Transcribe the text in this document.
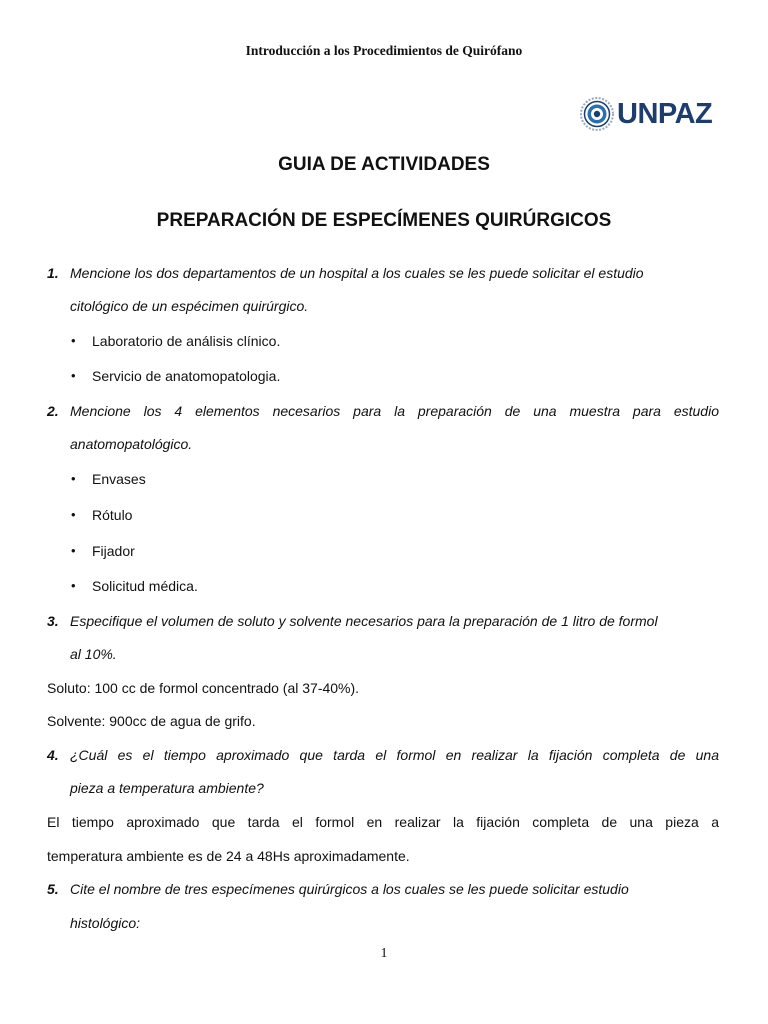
Introducción a los Procedimientos de Quirófano
UNPAZ
GUIA DE ACTIVIDADES
PREPARACIÓN DE ESPECÍMENES QUIRÚRGICOS
1. Mencione los dos departamentos de un hospital a los cuales se les puede solicitar el estudio
citológico de un espécimen quirúrgico.
• Laboratorio de análisis clínico.
• Servicio de anatomopatologia.
2. Mencione los 4 elementos necesarios para la preparación de una muestra para estudio
anatomopatológico.
• Envases
• Rótulo
• Fijador
• Solicitud médica.
3. Especifique el volumen de soluto y solvente necesarios para la preparación de 1 litro de formol
al 10%.
Soluto: 100 cc de formol concentrado (al 37-40%).
Solvente: 900cc de agua de grifo.
4. ¿Cuál es el tiempo aproximado que tarda el formol en realizar la fijación completa de una
pieza a temperatura ambiente?
El tiempo aproximado que tarda el formol en realizar la fijación completa de una pieza a
temperatura ambiente es de 24 a 48Hs aproximadamente.
5. Cite el nombre de tres especímenes quirúrgicos a los cuales se les puede solicitar estudio
histológico:
1
